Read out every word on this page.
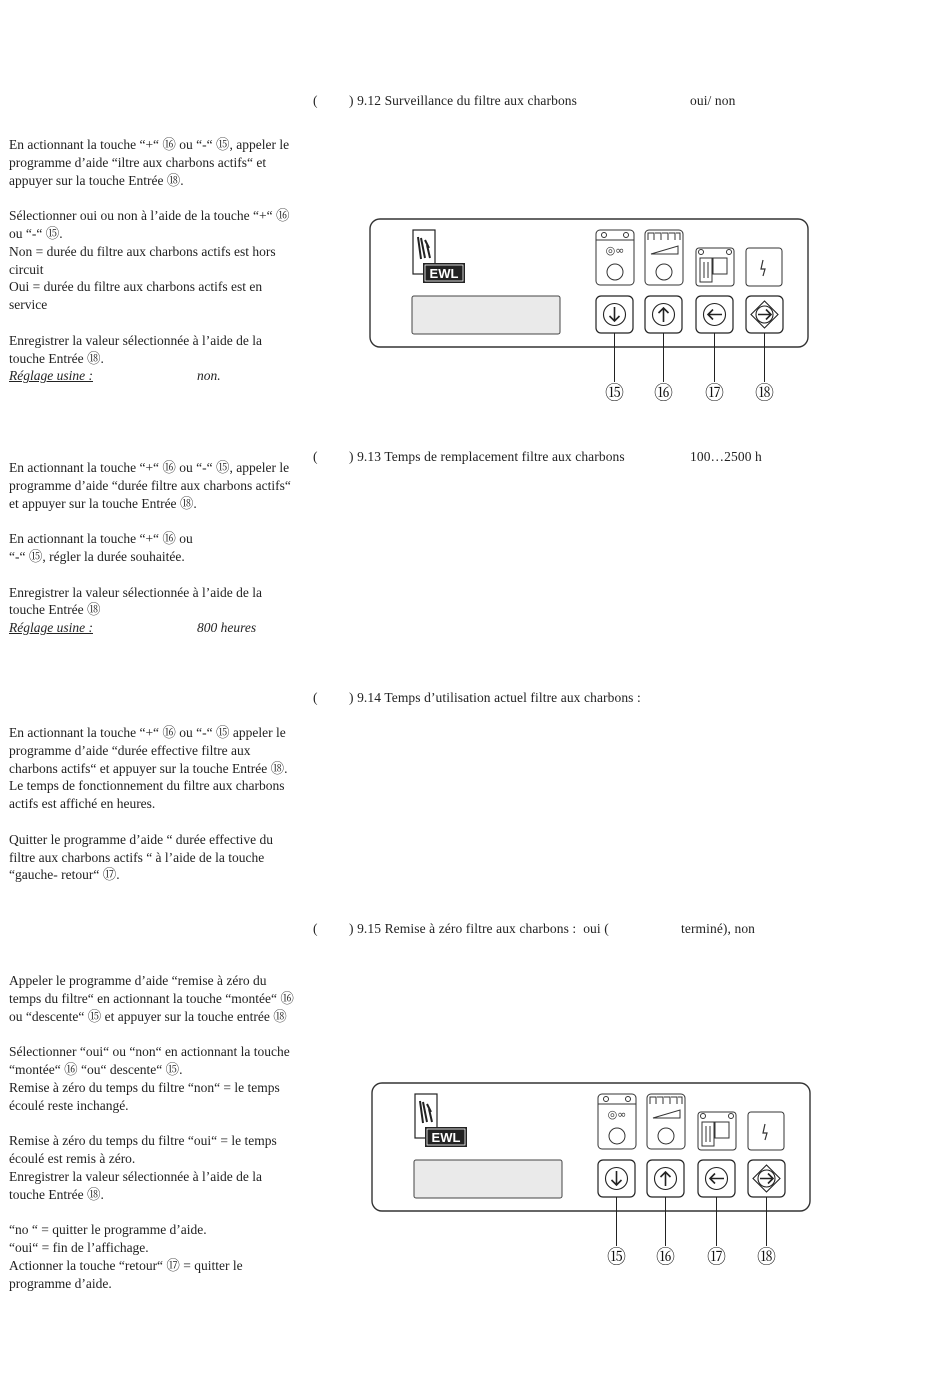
( ) 9.12 Surveillance du filtre aux charbons	oui/ non

En actionnant la touche “+“ ⑯ ou “-“ ⑮, appeler le programme d’aide “iltre aux charbons actifs“ et appuyer sur la touche Entrée ⑱.

Sélectionner oui ou non à l’aide de la touche “+“ ⑯ ou “-“ ⑮.
Non = durée du filtre aux charbons actifs est hors circuit
Oui = durée du filtre aux charbons actifs est en service

Enregistrer la valeur sélectionnée à l’aide de la touche Entrée ⑱.

Réglage usine :	non.
EWL
◎∞
⑮ ⑯ ⑰ ⑱
( ) 9.13 Temps de remplacement filtre aux charbons	100…2500 h

En actionnant la touche “+“ ⑯ ou “-“ ⑮, appeler le programme d’aide “durée filtre aux charbons actifs“ et appuyer sur la touche Entrée ⑱.

En actionnant la touche “+“ ⑯ ou
“-“ ⑮, régler la durée souhaitée.

Enregistrer la valeur sélectionnée à l’aide de la touche Entrée ⑱

Réglage usine :	800 heures
( ) 9.14 Temps d’utilisation actuel filtre aux charbons :

En actionnant la touche “+“ ⑯ ou “-“ ⑮ appeler le programme d’aide “durée effective filtre aux charbons actifs“ et appuyer sur la touche Entrée ⑱.
Le temps de fonctionnement du filtre aux charbons actifs est affiché en heures.

Quitter le programme d’aide “ durée effective du filtre aux charbons actifs “ à l’aide de la touche “gauche- retour“ ⑰.

( ) 9.15 Remise à zéro filtre aux charbons :  oui (	terminé), non

Appeler le programme d’aide “remise à zéro du temps du filtre“ en actionnant la touche “montée“ ⑯ ou “descente“ ⑮ et appuyer sur la touche entrée ⑱

Sélectionner “oui“ ou “non“ en actionnant la touche “montée“ ⑯ “ou“ descente“ ⑮.
Remise à zéro du temps du filtre “non“ = le temps écoulé reste inchangé.

Remise à zéro du temps du filtre “oui“ = le temps écoulé est remis à zéro.
Enregistrer la valeur sélectionnée à l’aide de la touche Entrée ⑱.

“no “ = quitter le programme d’aide.
“oui“ = fin de l’affichage.
Actionner la touche “retour“ ⑰ = quitter le programme d’aide.

EWL
◎∞
⑮ ⑯ ⑰ ⑱
